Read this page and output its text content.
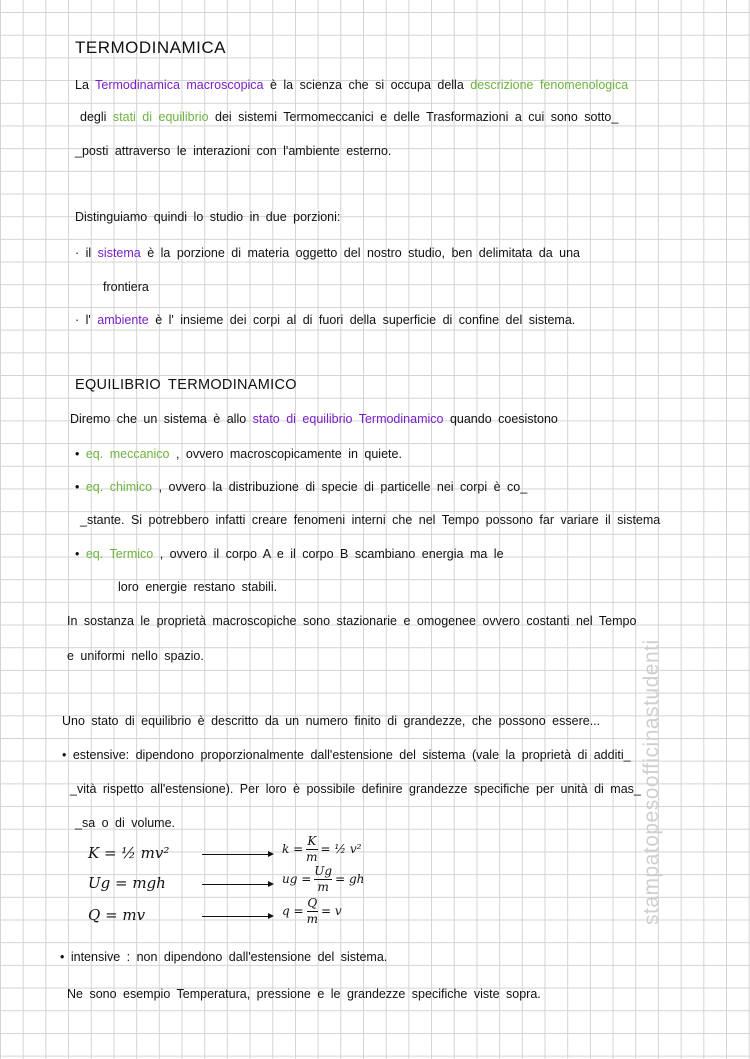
TERMODINAMICA
La Termodinamica macroscopica è la scienza che si occupa della descrizione fenomenologica
degli stati di equilibrio dei sistemi Termomeccanici e delle Trasformazioni a cui sono sotto_
_posti attraverso le interazioni con l'ambiente esterno.
Distinguiamo quindi lo studio in due porzioni:
· il sistema è la porzione di materia oggetto del nostro studio, ben delimitata da una
frontiera
· l' ambiente è l' insieme dei corpi al di fuori della superficie di confine del sistema.
EQUILIBRIO TERMODINAMICO
Diremo che un sistema è allo stato di equilibrio Termodinamico quando coesistono
• eq. meccanico , ovvero macroscopicamente in quiete.
• eq. chimico , ovvero la distribuzione di specie di particelle nei corpi è co_
_stante. Si potrebbero infatti creare fenomeni interni che nel Tempo possono far variare il sistema
• eq. Termico , ovvero il corpo A e il corpo B scambiano energia ma le
loro energie restano stabili.
In sostanza le proprietà macroscopiche sono stazionarie e omogenee ovvero costanti nel Tempo
e uniformi nello spazio.
Uno stato di equilibrio è descritto da un numero finito di grandezze, che possono essere...
• estensive: dipendono proporzionalmente dall'estensione del sistema (vale la proprietà di additi_
_vità rispetto all'estensione). Per loro è possibile definire grandezze specifiche per unità di mas_
_sa o di volume.
• intensive : non dipendono dall'estensione del sistema.
Ne sono esempio Temperatura, pressione e le grandezze specifiche viste sopra.
K = ½ mv²	$k = \frac{K}{m}$ = ½ v²
Ug = mgh	ug = $\frac{Ug}{m}$ = gh
Q = mv	$q = \frac{Q}{m} = v$	stampatopesoofficinastudenti
